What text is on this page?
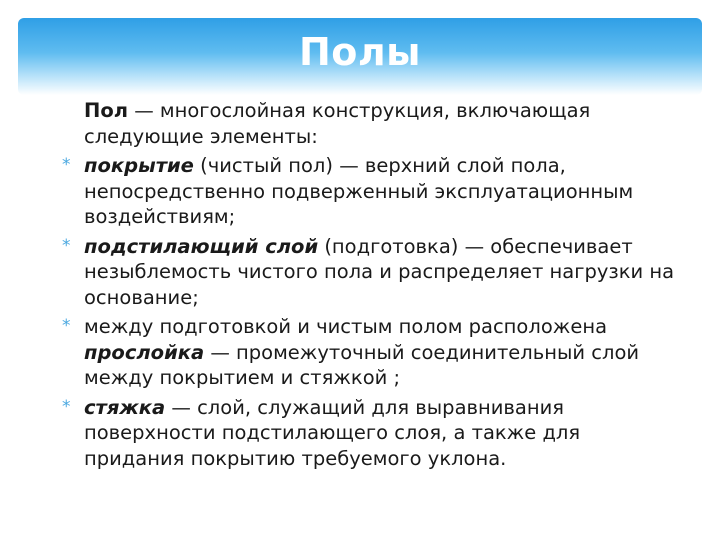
Полы
Пол — многослойная конструкция, включающая следующие элементы:
* покрытие (чистый пол) — верхний слой пола, непосредственно подверженный эксплуатационным воздействиям;
* подстилающий слой (подготовка) — обеспечивает незыблемость чистого пола и распределяет нагрузки на основание;
* между подготовкой и чистым полом расположена прослойка — промежуточный соединительный слой между покрытием и стяжкой ;
* стяжка — слой, служащий для выравнивания поверхности подстилающего слоя, а также для придания покрытию требуемого уклона.
